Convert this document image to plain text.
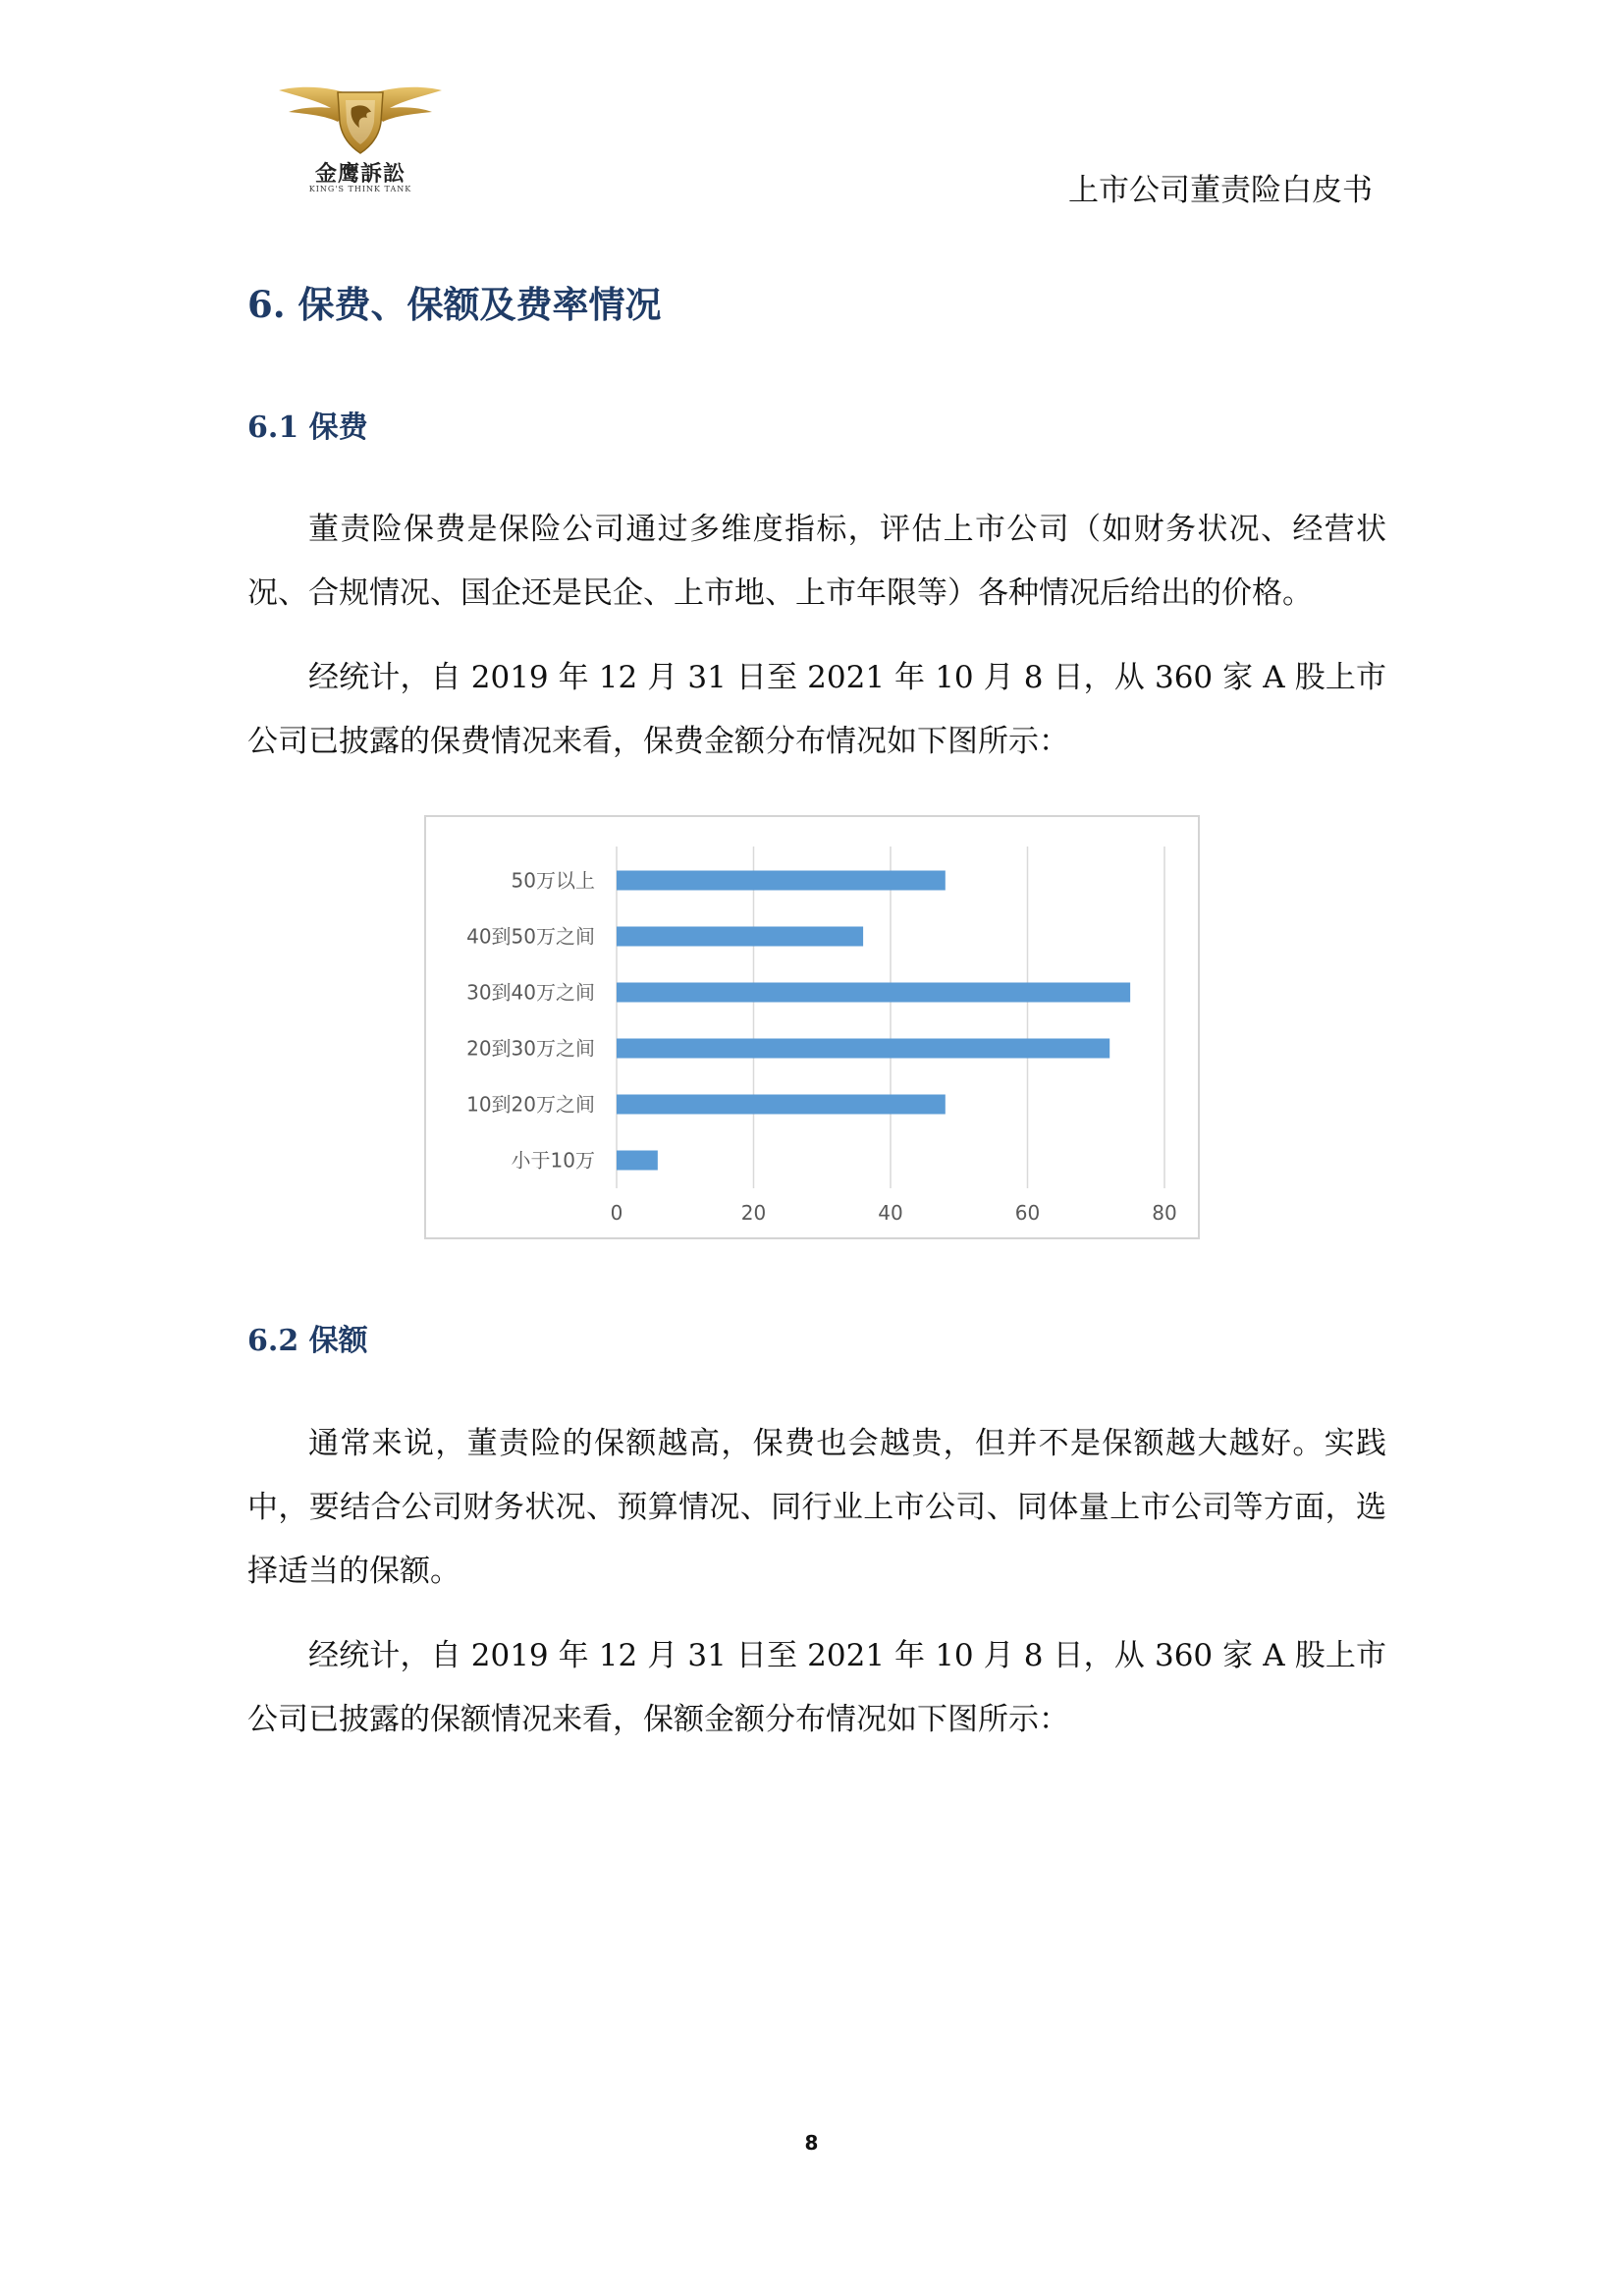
金鹰訴訟
KING'S THINK TANK	上市公司董责险白皮书
6. 保费、保额及费率情况
6.1 保费
董责险保费是保险公司通过多维度指标，评估上市公司（如财务状况、经营状况、合规情况、国企还是民企、上市地、上市年限等）各种情况后给出的价格。
经统计，自 2019 年 12 月 31 日至 2021 年 10 月 8 日，从 360 家 A 股上市公司已披露的保费情况来看，保费金额分布情况如下图所示：
0	20	40	60	80
50万以上
40到50万之间
30到40万之间
20到30万之间
10到20万之间
小于10万
6.2 保额
通常来说，董责险的保额越高，保费也会越贵，但并不是保额越大越好。实践中，要结合公司财务状况、预算情况、同行业上市公司、同体量上市公司等方面，选择适当的保额。
经统计，自 2019 年 12 月 31 日至 2021 年 10 月 8 日，从 360 家 A 股上市公司已披露的保额情况来看，保额金额分布情况如下图所示：
8
